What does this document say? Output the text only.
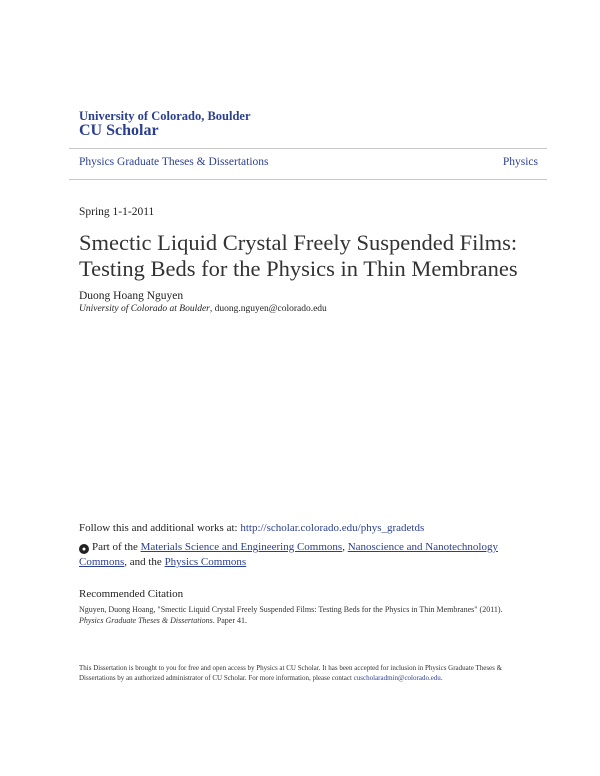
University of Colorado, Boulder
CU Scholar
Physics Graduate Theses & Dissertations	Physics
Spring 1-1-2011
Smectic Liquid Crystal Freely Suspended Films:
Testing Beds for the Physics in Thin Membranes
Duong Hoang Nguyen
University of Colorado at Boulder, duong.nguyen@colorado.edu
Follow this and additional works at: http://scholar.colorado.edu/phys_gradetds
● Part of the Materials Science and Engineering Commons, Nanoscience and Nanotechnology
Commons, and the Physics Commons
Recommended Citation
Nguyen, Duong Hoang, "Smectic Liquid Crystal Freely Suspended Films: Testing Beds for the Physics in Thin Membranes" (2011).
Physics Graduate Theses & Dissertations. Paper 41.
This Dissertation is brought to you for free and open access by Physics at CU Scholar. It has been accepted for inclusion in Physics Graduate Theses &
Dissertations by an authorized administrator of CU Scholar. For more information, please contact cuscholaradmin@colorado.edu.
